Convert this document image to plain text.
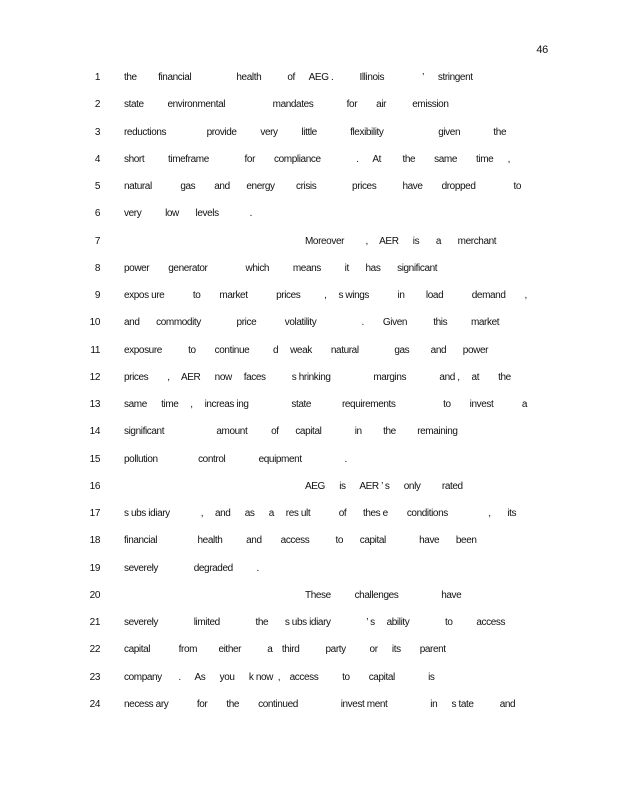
46
1 the         financial                   health           of      AEG .           Illinois                ’      stringent
2 state          environmental                    mandates              for        air           emission
3 reductions                 provide          very          little              flexibility                       given              the
4 short          timeframe               for        compliance               .      At         the        same        time      ,
5 natural            gas        and       energy         crisis               prices           have        dropped                to
6 very          low       levels             .
7	Moreover         ,     AER      is       a       merchant
8 power        generator                which          means          it       has       significant
9 expos ure            to        market            prices          ,     s wings            in         load            demand        ,
10 and       commodity               price            volatility                   .        Given           this          market
11 exposure           to        continue          d     weak        natural               gas         and       power
12 prices        ,     AER      now     faces           s hrinking                  margins              and ,     at        the
13 same      time     ,     increas ing                  state             requirements                    to        invest            a
14 significant                      amount          of       capital              in         the         remaining
15 pollution                 control              equipment                  .
16	AEG      is      AER ’ s      only         rated
17 s ubs idiary             ,     and      as      a     res ult            of       thes e        conditions                 ,       its
18 financial                 health          and        access           to       capital              have       been
19 severely               degraded          .
20	These          challenges                  have
21 severely               limited               the       s ubs idiary               ’ s     ability               to          access
22 capital            from         either           a    third           party          or      its        parent
23 company       .      As      you      k now  ,    access          to        capital              is
24 necess ary            for        the        continued                  invest ment                  in      s tate           and
